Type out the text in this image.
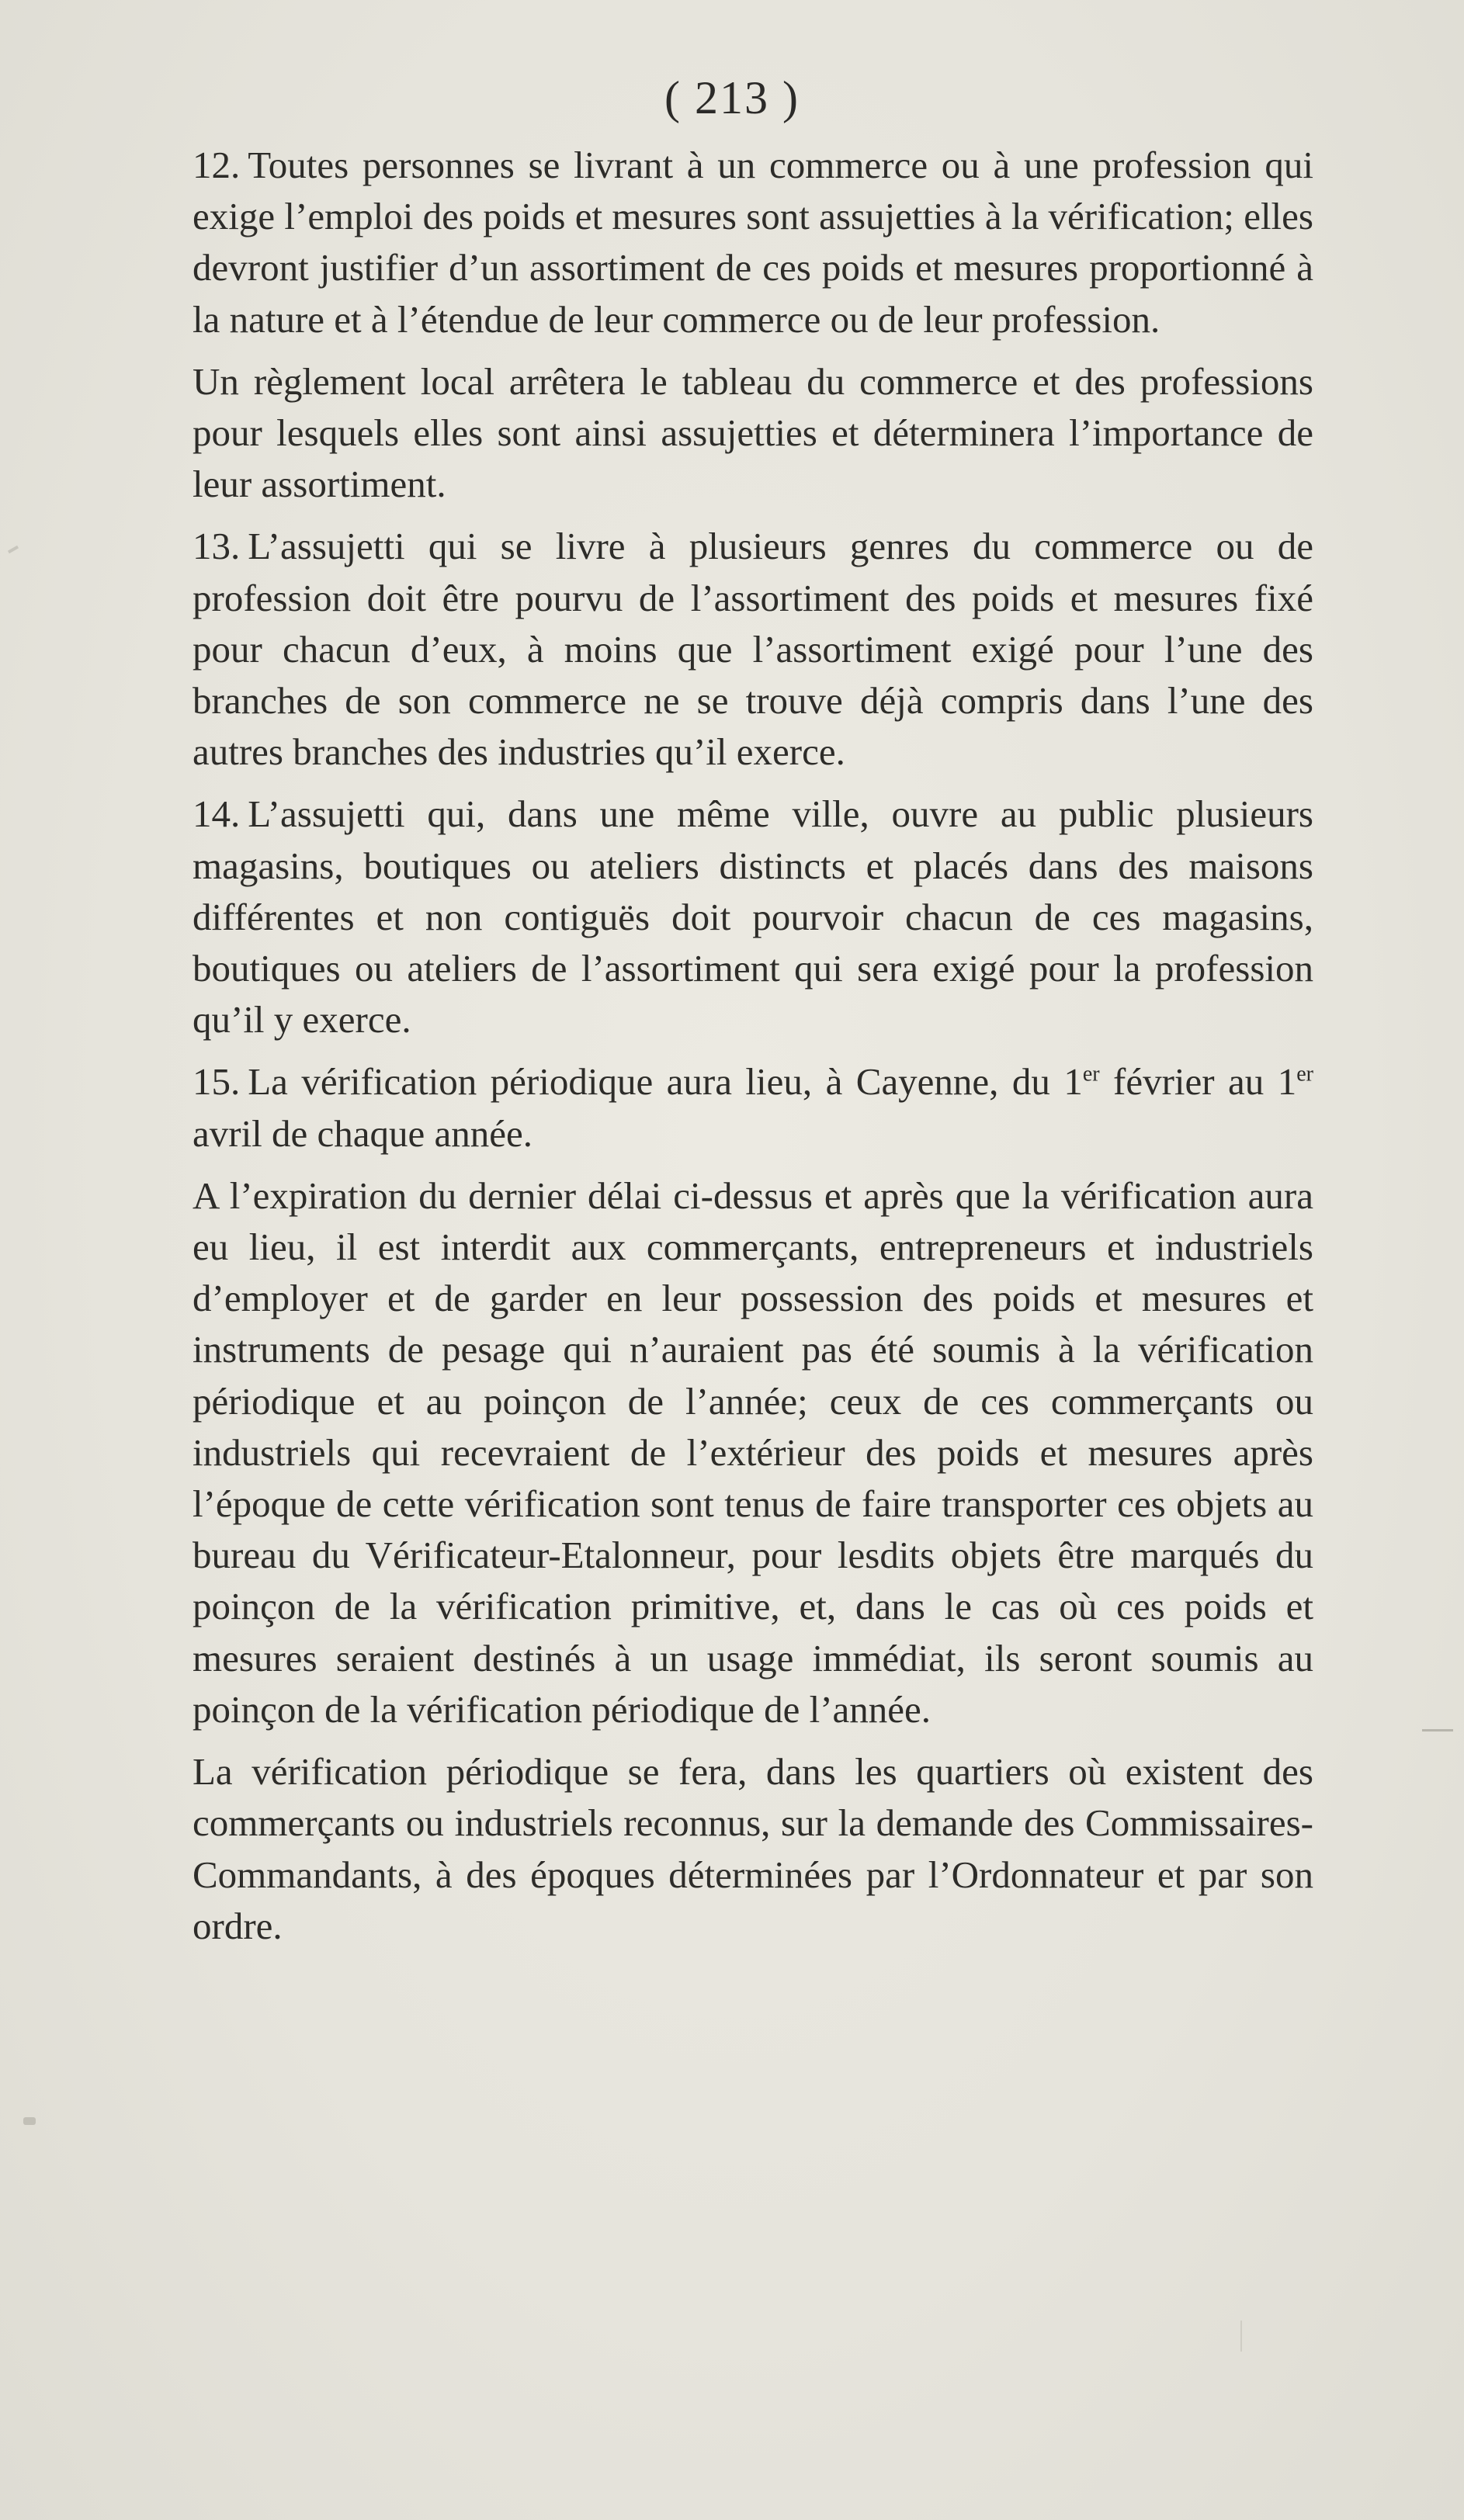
( 213 )

12. Toutes personnes se livrant à un commerce ou à une profession qui exige l’emploi des poids et mesures sont assujetties à la vérification; elles devront justifier d’un assortiment de ces poids et mesures proportionné à la nature et à l’étendue de leur commerce ou de leur profession.

Un règlement local arrêtera le tableau du commerce et des professions pour lesquels elles sont ainsi assujetties et déterminera l’importance de leur assortiment.

13. L’assujetti qui se livre à plusieurs genres du commerce ou de profession doit être pourvu de l’assortiment des poids et mesures fixé pour chacun d’eux, à moins que l’assortiment exigé pour l’une des branches de son commerce ne se trouve déjà compris dans l’une des autres branches des industries qu’il exerce.

14. L’assujetti qui, dans une même ville, ouvre au public plusieurs magasins, boutiques ou ateliers distincts et placés dans des maisons différentes et non contiguës doit pourvoir chacun de ces magasins, boutiques ou ateliers de l’assortiment qui sera exigé pour la profession qu’il y exerce.

15. La vérification périodique aura lieu, à Cayenne, du 1er février au 1er avril de chaque année.

A l’expiration du dernier délai ci-dessus et après que la vérification aura eu lieu, il est interdit aux commerçants, entrepreneurs et industriels d’employer et de garder en leur possession des poids et mesures et instruments de pesage qui n’auraient pas été soumis à la vérification périodique et au poinçon de l’année; ceux de ces commerçants ou industriels qui recevraient de l’extérieur des poids et mesures après l’époque de cette vérification sont tenus de faire transporter ces objets au bureau du Vérificateur-Etalonneur, pour lesdits objets être marqués du poinçon de la vérification primitive, et, dans le cas où ces poids et mesures seraient destinés à un usage immédiat, ils seront soumis au poinçon de la vérification périodique de l’année.

La vérification périodique se fera, dans les quartiers où existent des commerçants ou industriels reconnus, sur la demande des Commissaires-Commandants, à des époques déterminées par l’Ordonnateur et par son ordre.
